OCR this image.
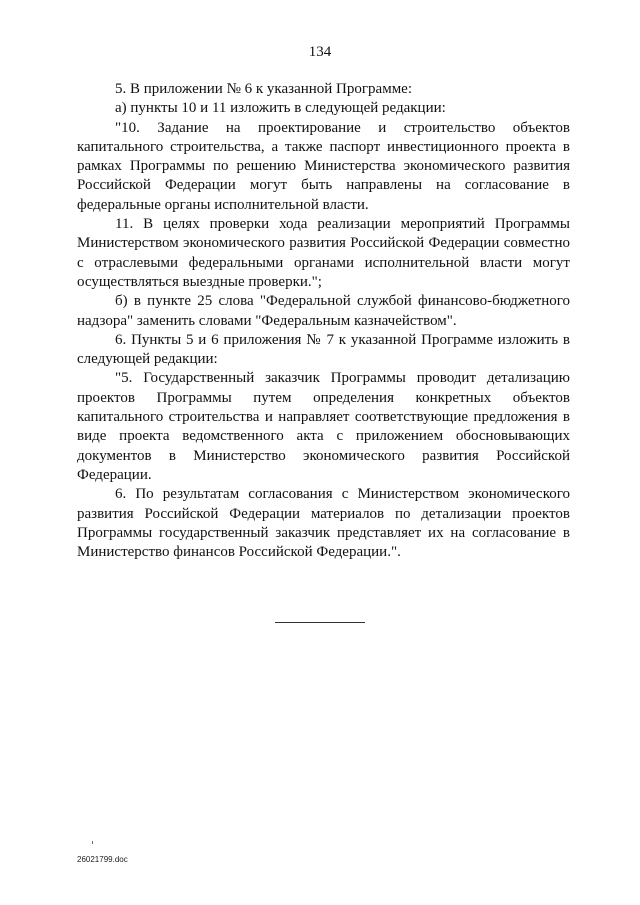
134

5. В приложении № 6 к указанной Программе:

а) пункты 10 и 11 изложить в следующей редакции:

"10. Задание на проектирование и строительство объектов капитального строительства, а также паспорт инвестиционного проекта в рамках Программы по решению Министерства экономического развития Российской Федерации могут быть направлены на согласование в федеральные органы исполнительной власти.

11. В целях проверки хода реализации мероприятий Программы Министерством экономического развития Российской Федерации совместно с отраслевыми федеральными органами исполнительной власти могут осуществляться выездные проверки.";

б) в пункте 25 слова "Федеральной службой финансово-бюджетного надзора" заменить словами "Федеральным казначейством".

6. Пункты 5 и 6 приложения № 7 к указанной Программе изложить в следующей редакции:

"5. Государственный заказчик Программы проводит детализацию проектов Программы путем определения конкретных объектов капитального строительства и направляет соответствующие предложения в виде проекта ведомственного акта с приложением обосновывающих документов в Министерство экономического развития Российской Федерации.

6. По результатам согласования с Министерством экономического развития Российской Федерации материалов по детализации проектов Программы государственный заказчик представляет их на согласование в Министерство финансов Российской Федерации.".

26021799.doc
